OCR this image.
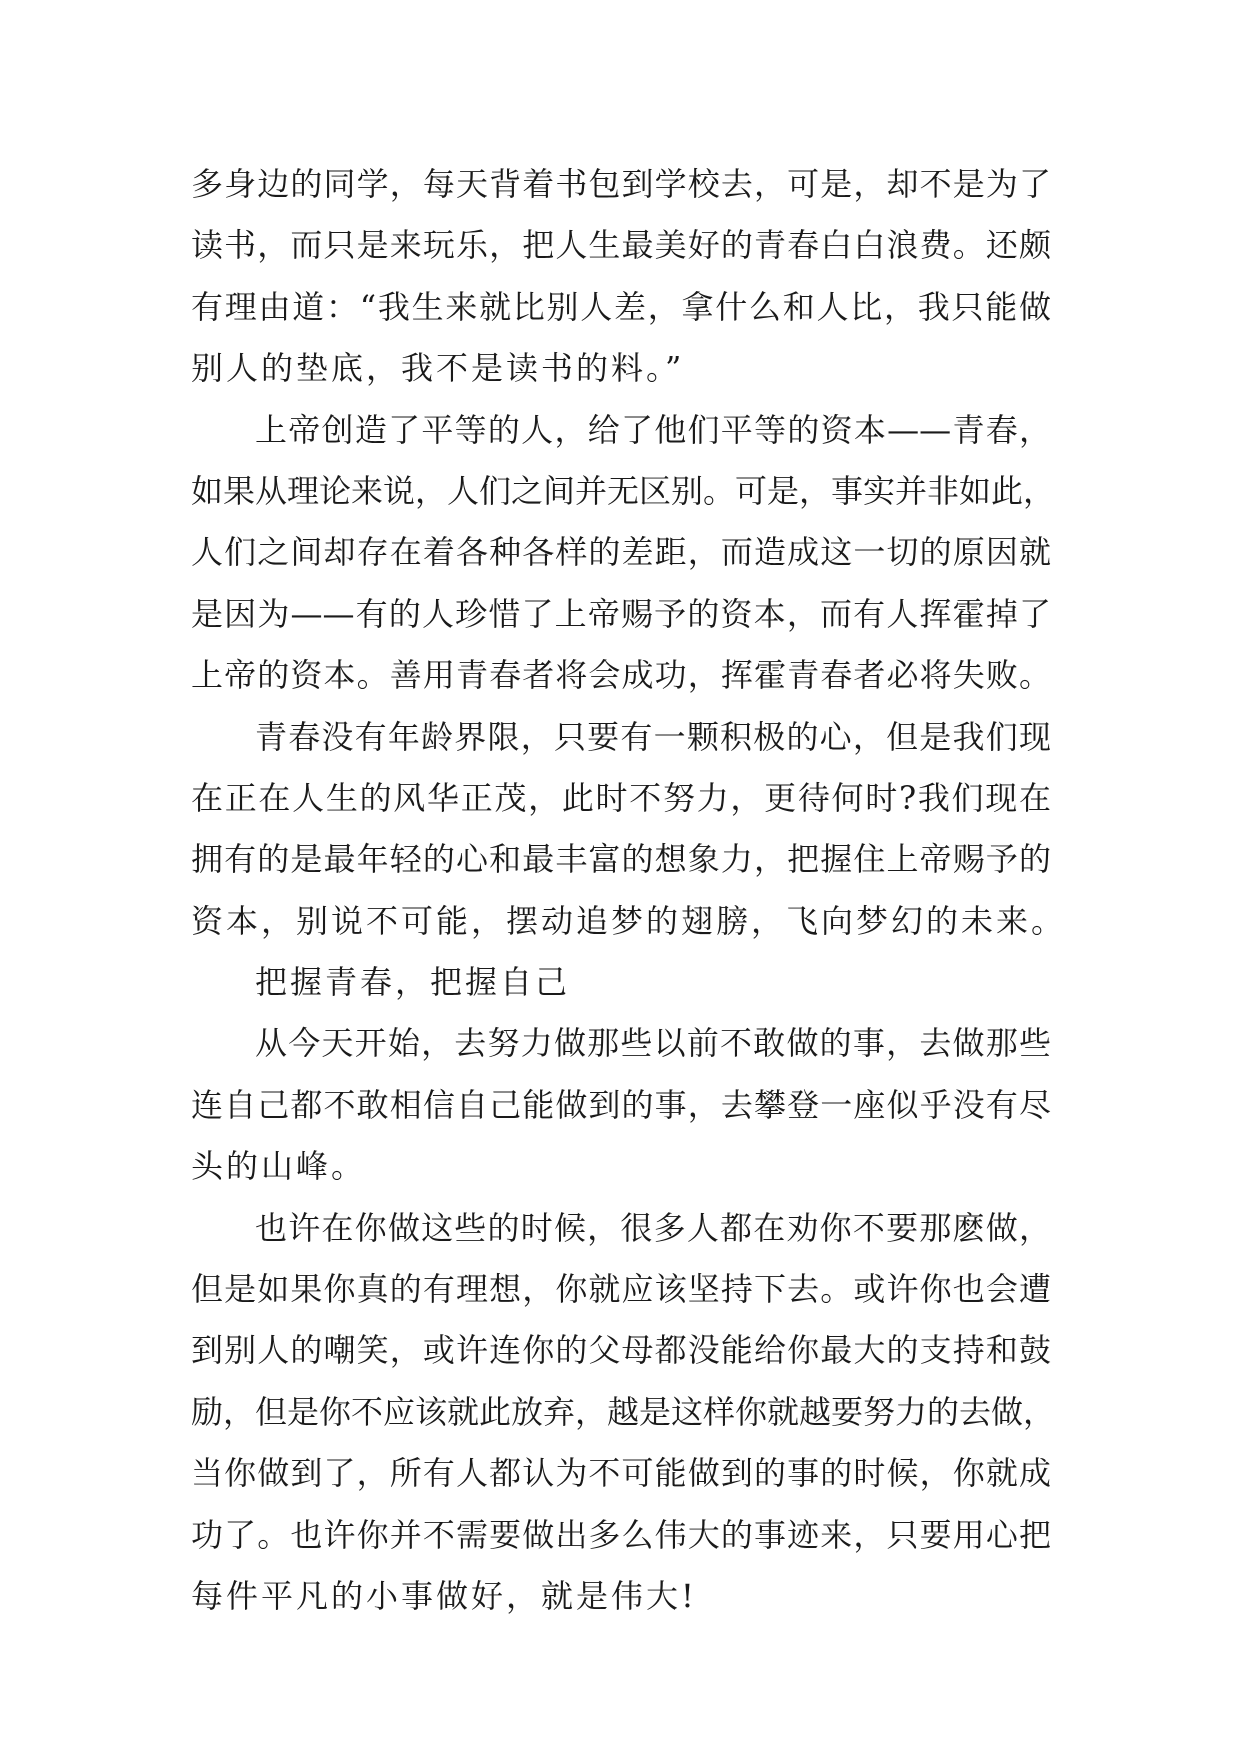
多身边的同学，每天背着书包到学校去，可是，却不是为了
读书，而只是来玩乐，把人生最美好的青春白白浪费。还颇
有理由道：“我生来就比别人差，拿什么和人比，我只能做
别人的垫底，我不是读书的料。”
上帝创造了平等的人，给了他们平等的资本——青春，
如果从理论来说，人们之间并无区别。可是，事实并非如此，
人们之间却存在着各种各样的差距，而造成这一切的原因就
是因为——有的人珍惜了上帝赐予的资本，而有人挥霍掉了
上帝的资本。善用青春者将会成功，挥霍青春者必将失败。
青春没有年龄界限，只要有一颗积极的心，但是我们现
在正在人生的风华正茂，此时不努力，更待何时?我们现在
拥有的是最年轻的心和最丰富的想象力，把握住上帝赐予的
资本，别说不可能，摆动追梦的翅膀，飞向梦幻的未来。
把握青春，把握自己
从今天开始，去努力做那些以前不敢做的事，去做那些
连自己都不敢相信自己能做到的事，去攀登一座似乎没有尽
头的山峰。
也许在你做这些的时候，很多人都在劝你不要那麽做，
但是如果你真的有理想，你就应该坚持下去。或许你也会遭
到别人的嘲笑，或许连你的父母都没能给你最大的支持和鼓
励，但是你不应该就此放弃，越是这样你就越要努力的去做，
当你做到了，所有人都认为不可能做到的事的时候，你就成
功了。也许你并不需要做出多么伟大的事迹来，只要用心把
每件平凡的小事做好，就是伟大!
